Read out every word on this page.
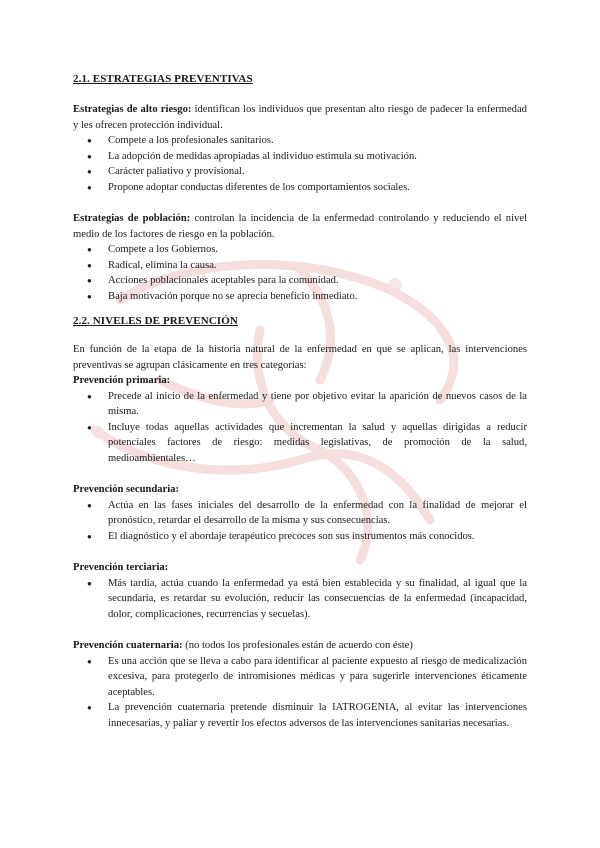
2.1. ESTRATEGIAS PREVENTIVAS

Estrategias de alto riesgo: identifican los individuos que presentan alto riesgo de padecer la enfermedad y les ofrecen protección individual.

● Compete a los profesionales sanitarios.
● La adopción de medidas apropiadas al individuo estimula su motivación.
● Carácter paliativo y provisional.
● Propone adoptar conductas diferentes de los comportamientos sociales.

Estrategias de población: controlan la incidencia de la enfermedad controlando y reduciendo el nivel medio de los factores de riesgo en la población.

● Compete a los Gobiernos.
● Radical, elimina la causa.
● Acciones poblacionales aceptables para la comunidad.
● Baja motivación porque no se aprecia beneficio inmediato.
2.2. NIVELES DE PREVENCIÓN

En función de la etapa de la historia natural de la enfermedad en que se aplican, las intervenciones preventivas se agrupan clásicamente en tres categorías:

Prevención primaria:

● Precede al inicio de la enfermedad y tiene por objetivo evitar la aparición de nuevos casos de la misma.
● Incluye todas aquellas actividades que incrementan la salud y aquellas dirigidas a reducir potenciales factores de riesgo: medidas legislativas, de promoción de la salud, medioambientales…

Prevención secundaria:

● Actúa en las fases iniciales del desarrollo de la enfermedad con la finalidad de mejorar el pronóstico, retardar el desarrollo de la misma y sus consecuencias.
● El diagnóstico y el abordaje terapéutico precoces son sus instrumentos más conocidos.

Prevención terciaria:

● Más tardía, actúa cuando la enfermedad ya está bien establecida y su finalidad, al igual que la secundaria, es retardar su evolución, reducir las consecuencias de la enfermedad (incapacidad, dolor, complicaciones, recurrencias y secuelas).

Prevención cuaternaria: (no todos los profesionales están de acuerdo con éste)

● Es una acción que se lleva a cabo para identificar al paciente expuesto al riesgo de medicalización excesiva, para protegerlo de intromisiones médicas y para sugerirle intervenciones éticamente aceptables.
● La prevención cuaternaria pretende disminuir la IATROGENIA, al evitar las intervenciones innecesarias, y paliar y revertir los efectos adversos de las intervenciones sanitarias necesarias.
